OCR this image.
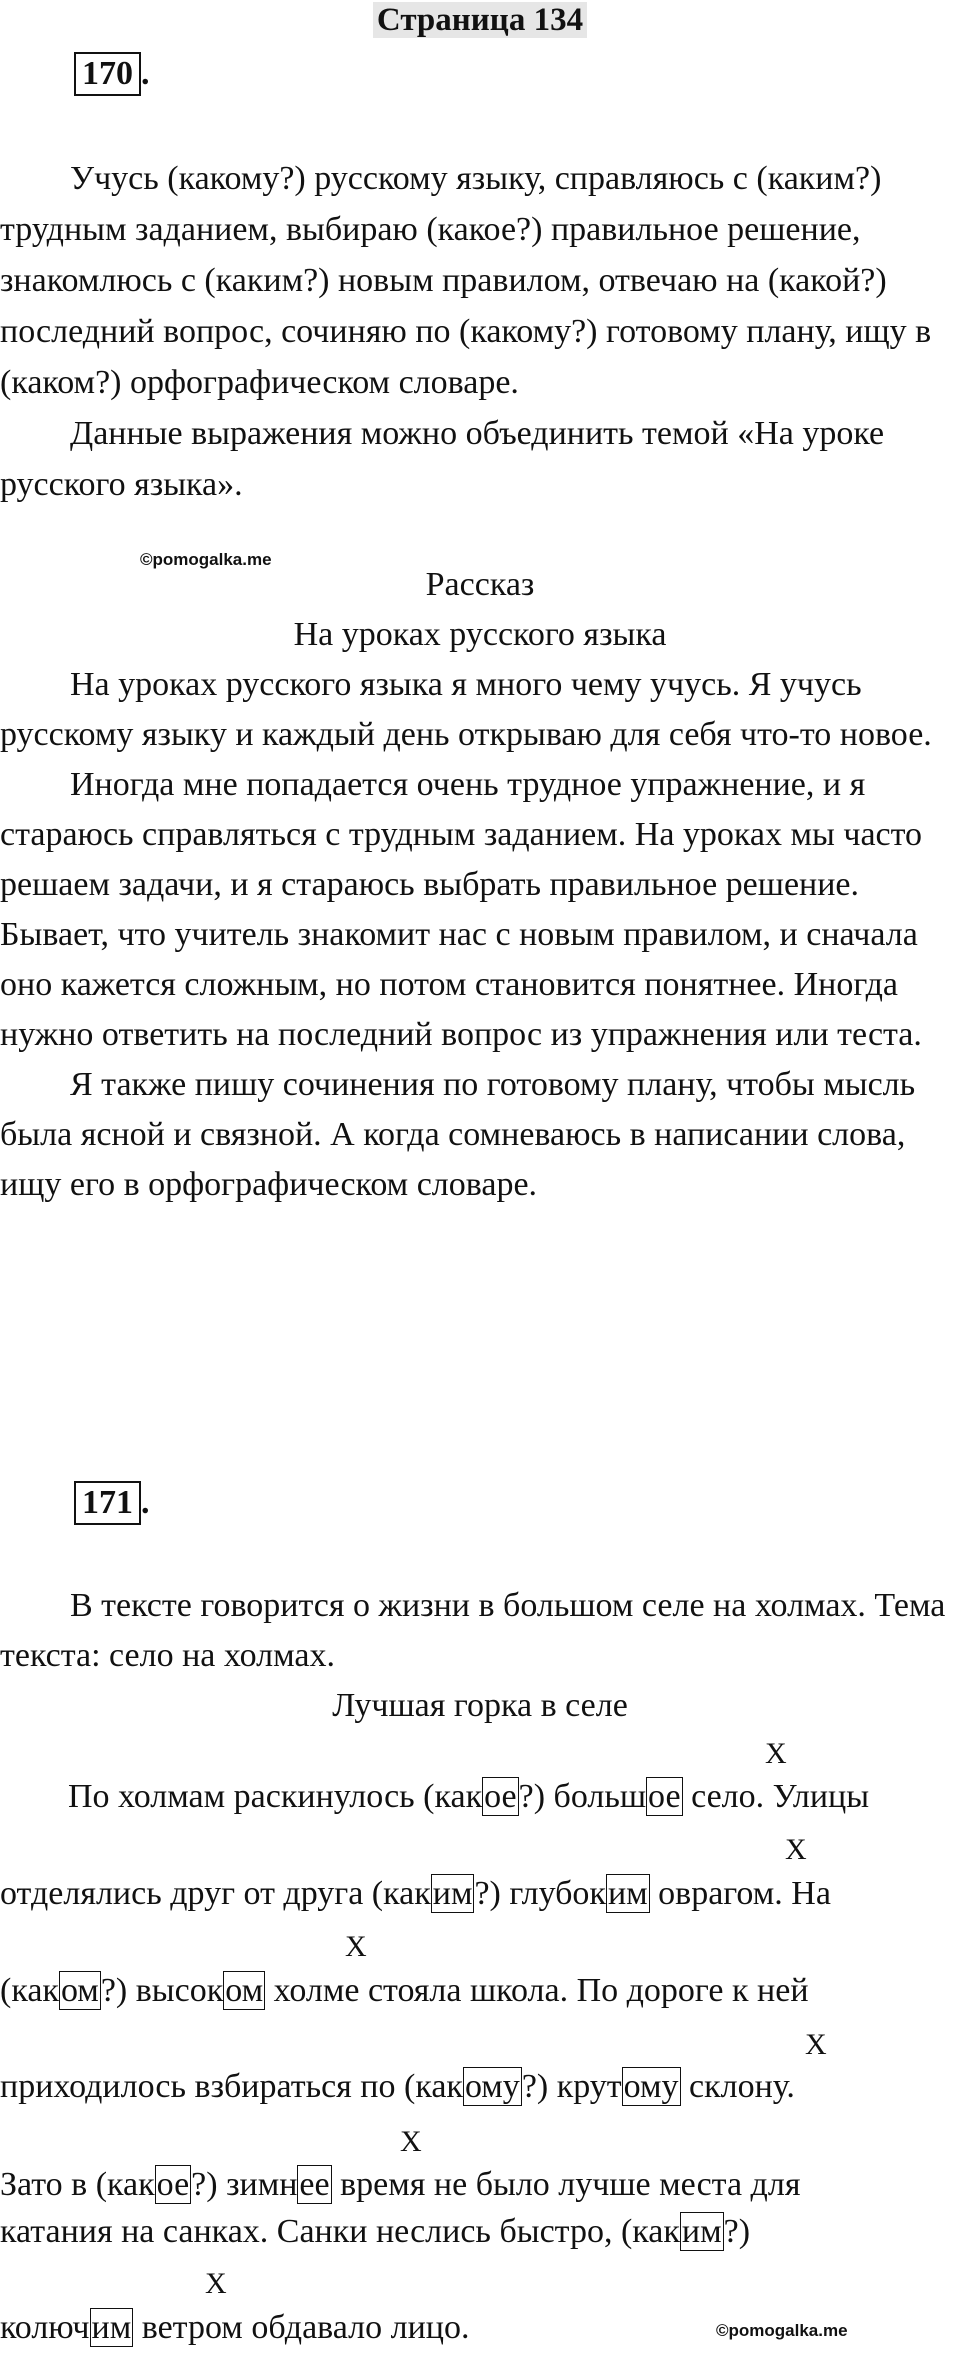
Страница 134
170 .

Учусь (какому?) русскому языку, справляюсь с (каким?) трудным заданием, выбираю (какое?) правильное решение, знакомлюсь с (каким?) новым правилом, отвечаю на (какой?) последний вопрос, сочиняю по (какому?) готовому плану, ищу в (каком?) орфографическом словаре.

Данные выражения можно объединить темой «На уроке русского языка».

©pomogalka.me

Рассказ

На уроках русского языка

На уроках русского языка я много чему учусь. Я учусь русскому языку и каждый день открываю для себя что-то новое.

Иногда мне попадается очень трудное упражнение, и я стараюсь справляться с трудным заданием. На уроках мы часто решаем задачи, и я стараюсь выбрать правильное решение. Бывает, что учитель знакомит нас с новым правилом, и сначала оно кажется сложным, но потом становится понятнее. Иногда нужно ответить на последний вопрос из упражнения или теста.

Я также пишу сочинения по готовому плану, чтобы мысль была ясной и связной. А когда сомневаюсь в написании слова, ищу его в орфографическом словаре.

171 .

В тексте говорится о жизни в большом селе на холмах. Тема текста: село на холмах.

Лучшая горка в селе

X
По холмам раскинулось (какое?) большое село. Улицы
X
отделялись друг от друга (каким?) глубоким оврагом. На
X
(каком?) высоком холме стояла школа. По дороге к ней
X
приходилось взбираться по (какому?) крутому склону.
X
Зато в (какое?) зимнее время не было лучше места для
катания на санках. Санки неслись быстро, (каким?)
X
колючим ветром обдавало лицо.	©pomogalka.me
